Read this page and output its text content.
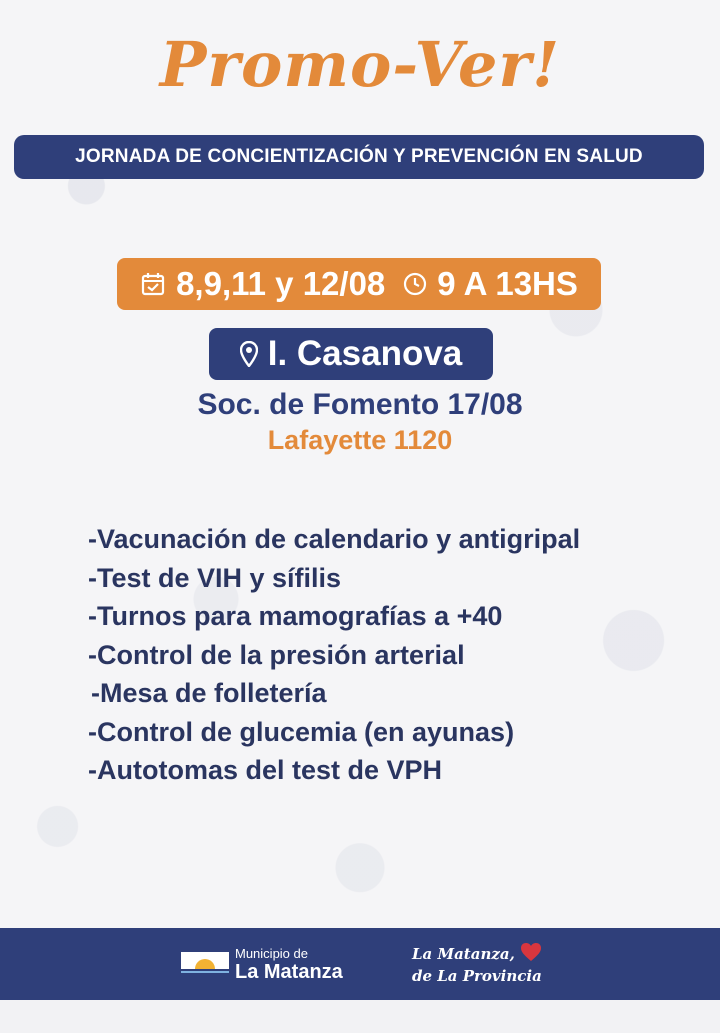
Promo-Ver!
JORNADA DE CONCIENTIZACIÓN Y PREVENCIÓN EN SALUD
8,9,11 y 12/08 9 A 13HS
I. Casanova
Soc. de Fomento 17/08
Lafayette 1120
-Vacunación de calendario y antigripal
-Test de VIH y sífilis
-Turnos para mamografías a +40
-Control de la presión arterial
-Mesa de folletería
-Control de glucemia (en ayunas)
-Autotomas del test de VPH
Municipio de
La Matanza
La Matanza,
de La Provincia
